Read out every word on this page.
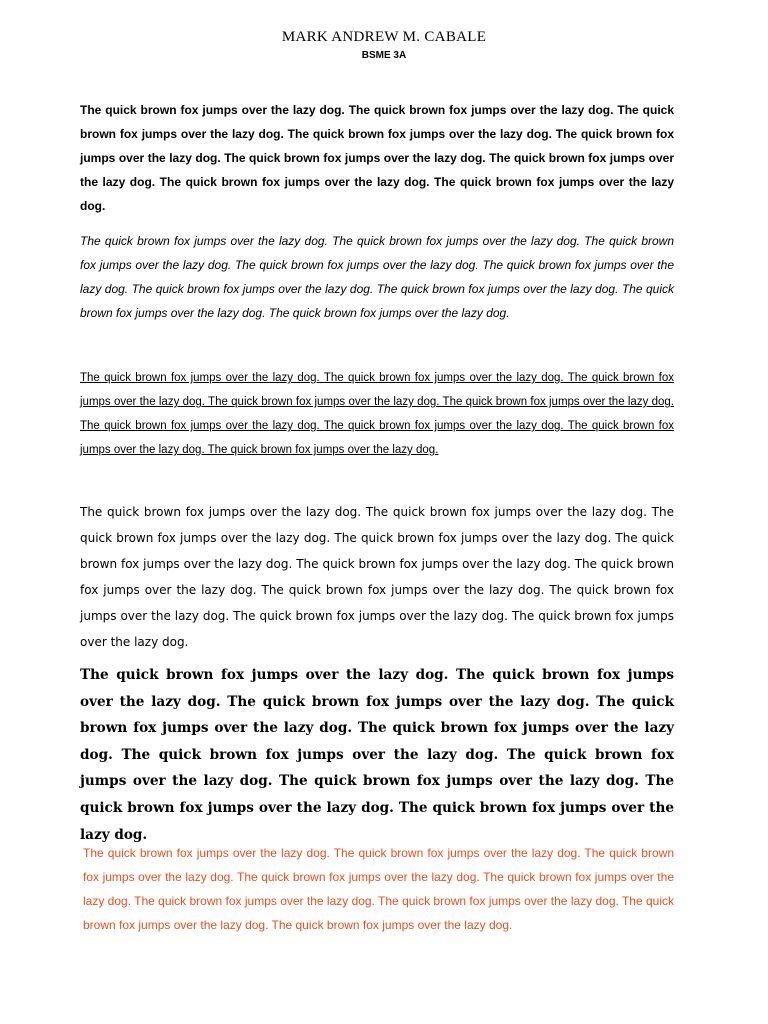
MARK ANDREW M. CABALE
BSME 3A

The quick brown fox jumps over the lazy dog. The quick brown fox jumps over the lazy dog. The quick brown fox jumps over the lazy dog. The quick brown fox jumps over the lazy dog. The quick brown fox jumps over the lazy dog. The quick brown fox jumps over the lazy dog. The quick brown fox jumps over the lazy dog. The quick brown fox jumps over the lazy dog. The quick brown fox jumps over the lazy dog.

The quick brown fox jumps over the lazy dog. The quick brown fox jumps over the lazy dog. The quick brown fox jumps over the lazy dog. The quick brown fox jumps over the lazy dog. The quick brown fox jumps over the lazy dog. The quick brown fox jumps over the lazy dog. The quick brown fox jumps over the lazy dog. The quick brown fox jumps over the lazy dog. The quick brown fox jumps over the lazy dog.

The quick brown fox jumps over the lazy dog. The quick brown fox jumps over the lazy dog. The quick brown fox jumps over the lazy dog. The quick brown fox jumps over the lazy dog. The quick brown fox jumps over the lazy dog. The quick brown fox jumps over the lazy dog. The quick brown fox jumps over the lazy dog. The quick brown fox jumps over the lazy dog. The quick brown fox jumps over the lazy dog.

The quick brown fox jumps over the lazy dog. The quick brown fox jumps over the lazy dog. The quick brown fox jumps over the lazy dog. The quick brown fox jumps over the lazy dog. The quick brown fox jumps over the lazy dog. The quick brown fox jumps over the lazy dog. The quick brown fox jumps over the lazy dog. The quick brown fox jumps over the lazy dog. The quick brown fox jumps over the lazy dog. The quick brown fox jumps over the lazy dog. The quick brown fox jumps over the lazy dog.

The quick brown fox jumps over the lazy dog. The quick brown fox jumps over the lazy dog. The quick brown fox jumps over the lazy dog. The quick brown fox jumps over the lazy dog. The quick brown fox jumps over the lazy dog. The quick brown fox jumps over the lazy dog. The quick brown fox jumps over the lazy dog. The quick brown fox jumps over the lazy dog. The quick brown fox jumps over the lazy dog. The quick brown fox jumps over the lazy dog.

The quick brown fox jumps over the lazy dog. The quick brown fox jumps over the lazy dog. The quick brown fox jumps over the lazy dog. The quick brown fox jumps over the lazy dog. The quick brown fox jumps over the lazy dog. The quick brown fox jumps over the lazy dog. The quick brown fox jumps over the lazy dog. The quick brown fox jumps over the lazy dog. The quick brown fox jumps over the lazy dog.
